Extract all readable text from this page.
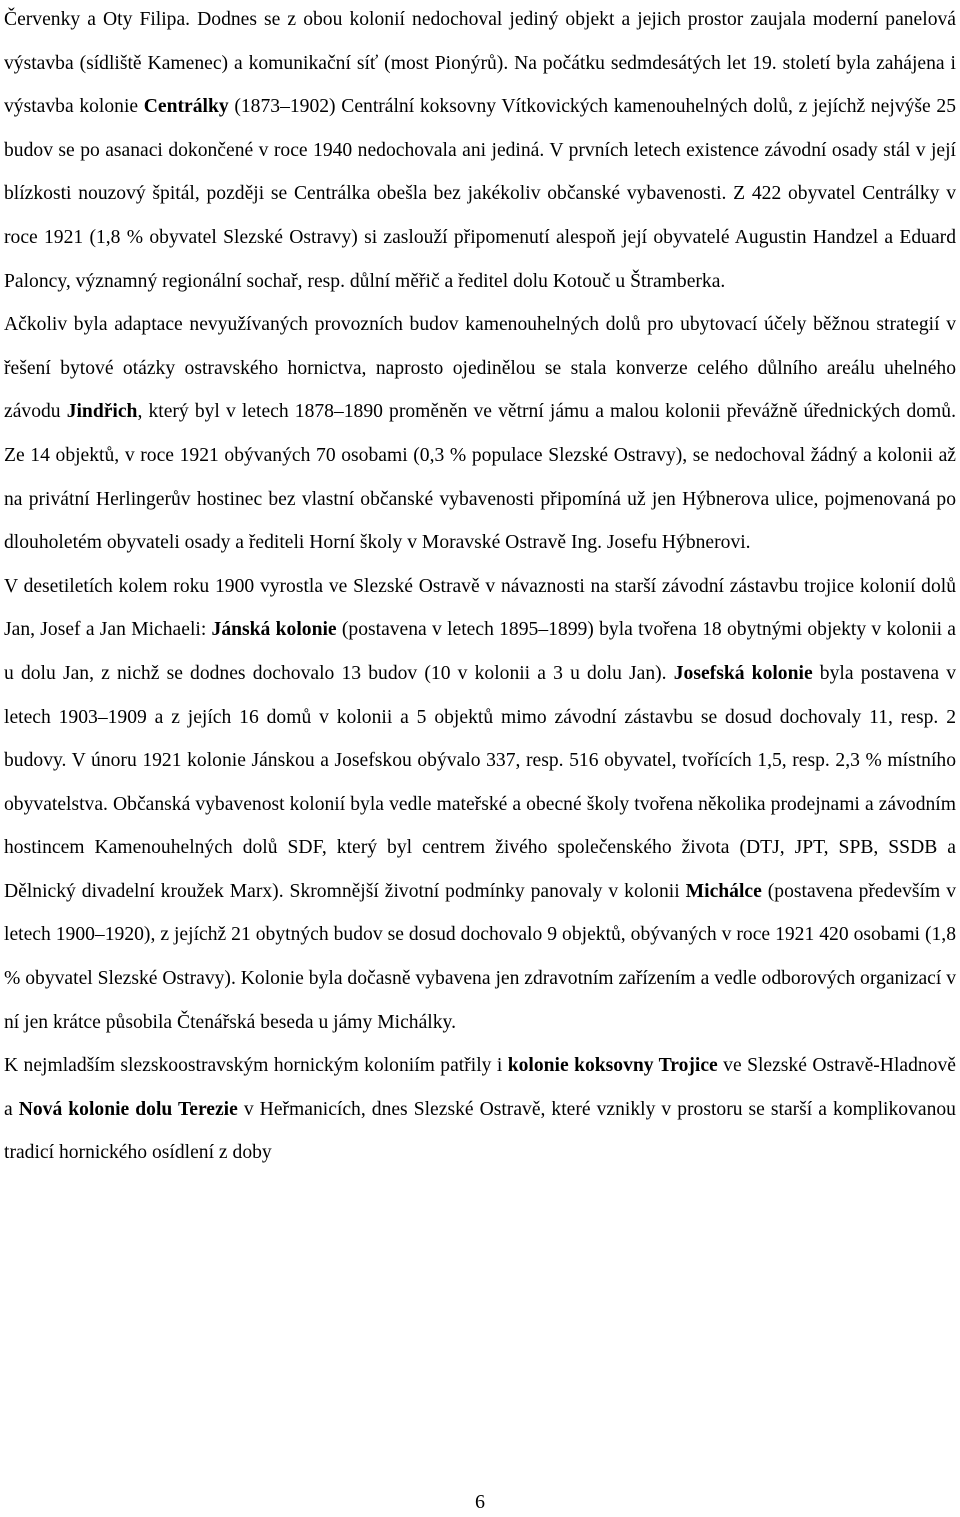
Červenky a Oty Filipa. Dodnes se z obou kolonií nedochoval jediný objekt a jejich prostor zaujala moderní panelová výstavba (sídliště Kamenec) a komunikační síť (most Pionýrů). Na počátku sedmdesátých let 19. století byla zahájena i výstavba kolonie Centrálky (1873–1902) Centrální koksovny Vítkovických kamenouhelných dolů, z jejíchž nejvýše 25 budov se po asanaci dokončené v roce 1940 nedochovala ani jediná. V prvních letech existence závodní osady stál v její blízkosti nouzový špitál, později se Centrálka obešla bez jakékoliv občanské vybavenosti. Z 422 obyvatel Centrálky v roce 1921 (1,8 % obyvatel Slezské Ostravy) si zaslouží připomenutí alespoň její obyvatelé Augustin Handzel a Eduard Paloncy, významný regionální sochař, resp. důlní měřič a ředitel dolu Kotouč u Štramberka.

Ačkoliv byla adaptace nevyužívaných provozních budov kamenouhelných dolů pro ubytovací účely běžnou strategií v řešení bytové otázky ostravského hornictva, naprosto ojedinělou se stala konverze celého důlního areálu uhelného závodu Jindřich, který byl v letech 1878–1890 proměněn ve větrní jámu a malou kolonii převážně úřednických domů. Ze 14 objektů, v roce 1921 obývaných 70 osobami (0,3 % populace Slezské Ostravy), se nedochoval žádný a kolonii až na privátní Herlingerův hostinec bez vlastní občanské vybavenosti připomíná už jen Hýbnerova ulice, pojmenovaná po dlouholetém obyvateli osady a řediteli Horní školy v Moravské Ostravě Ing. Josefu Hýbnerovi.

V desetiletích kolem roku 1900 vyrostla ve Slezské Ostravě v návaznosti na starší závodní zástavbu trojice kolonií dolů Jan, Josef a Jan Michaeli: Jánská kolonie (postavena v letech 1895–1899) byla tvořena 18 obytnými objekty v kolonii a u dolu Jan, z nichž se dodnes dochovalo 13 budov (10 v kolonii a 3 u dolu Jan). Josefská kolonie byla postavena v letech 1903–1909 a z jejích 16 domů v kolonii a 5 objektů mimo závodní zástavbu se dosud dochovaly 11, resp. 2 budovy. V únoru 1921 kolonie Jánskou a Josefskou obývalo 337, resp. 516 obyvatel, tvořících 1,5, resp. 2,3 % místního obyvatelstva. Občanská vybavenost kolonií byla vedle mateřské a obecné školy tvořena několika prodejnami a závodním hostincem Kamenouhelných dolů SDF, který byl centrem živého společenského života (DTJ, JPT, SPB, SSDB a Dělnický divadelní kroužek Marx). Skromnější životní podmínky panovaly v kolonii Michálce (postavena především v letech 1900–1920), z jejíchž 21 obytných budov se dosud dochovalo 9 objektů, obývaných v roce 1921 420 osobami (1,8 % obyvatel Slezské Ostravy). Kolonie byla dočasně vybavena jen zdravotním zařízením a vedle odborových organizací v ní jen krátce působila Čtenářská beseda u jámy Michálky.

K nejmladším slezskoostravským hornickým koloniím patřily i kolonie koksovny Trojice ve Slezské Ostravě-Hladnově a Nová kolonie dolu Terezie v Heřmanicích, dnes Slezské Ostravě, které vznikly v prostoru se starší a komplikovanou tradicí hornického osídlení z doby

6
